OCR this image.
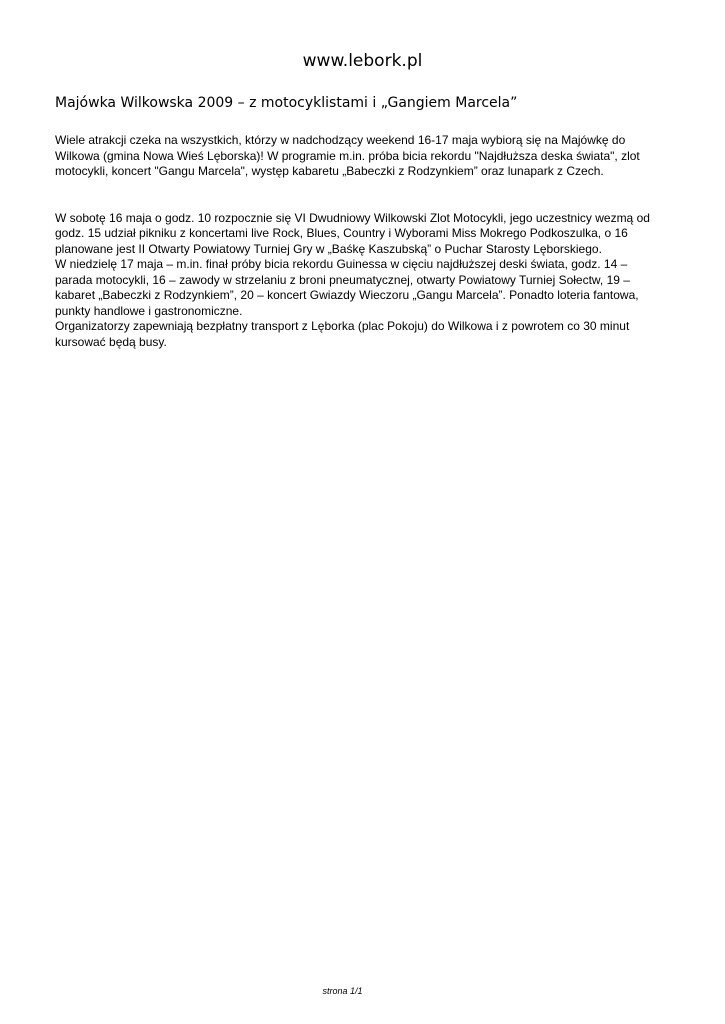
www.lebork.pl
Majówka Wilkowska 2009 – z motocyklistami i „Gangiem Marcela”
Wiele atrakcji czeka na wszystkich, którzy w nadchodzący weekend 16-17 maja wybiorą się na Majówkę do
Wilkowa (gmina Nowa Wieś Lęborska)! W programie m.in. próba bicia rekordu "Najdłuższa deska świata", zlot
motocykli, koncert "Gangu Marcela", występ kabaretu „Babeczki z Rodzynkiem” oraz lunapark z Czech.
W sobotę 16 maja o godz. 10 rozpocznie się VI Dwudniowy Wilkowski Zlot Motocykli, jego uczestnicy wezmą od
godz. 15 udział pikniku z koncertami live Rock, Blues, Country i Wyborami Miss Mokrego Podkoszulka, o 16
planowane jest II Otwarty Powiatowy Turniej Gry w „Baśkę Kaszubską” o Puchar Starosty Lęborskiego.
W niedzielę 17 maja – m.in. finał próby bicia rekordu Guinessa w cięciu najdłuższej deski świata, godz. 14 –
parada motocykli, 16 – zawody w strzelaniu z broni pneumatycznej, otwarty Powiatowy Turniej Sołectw, 19 –
kabaret „Babeczki z Rodzynkiem”, 20 – koncert Gwiazdy Wieczoru „Gangu Marcela”. Ponadto loteria fantowa,
punkty handlowe i gastronomiczne.
Organizatorzy zapewniają bezpłatny transport z Lęborka (plac Pokoju) do Wilkowa i z powrotem co 30 minut
kursować będą busy.
strona 1/1
